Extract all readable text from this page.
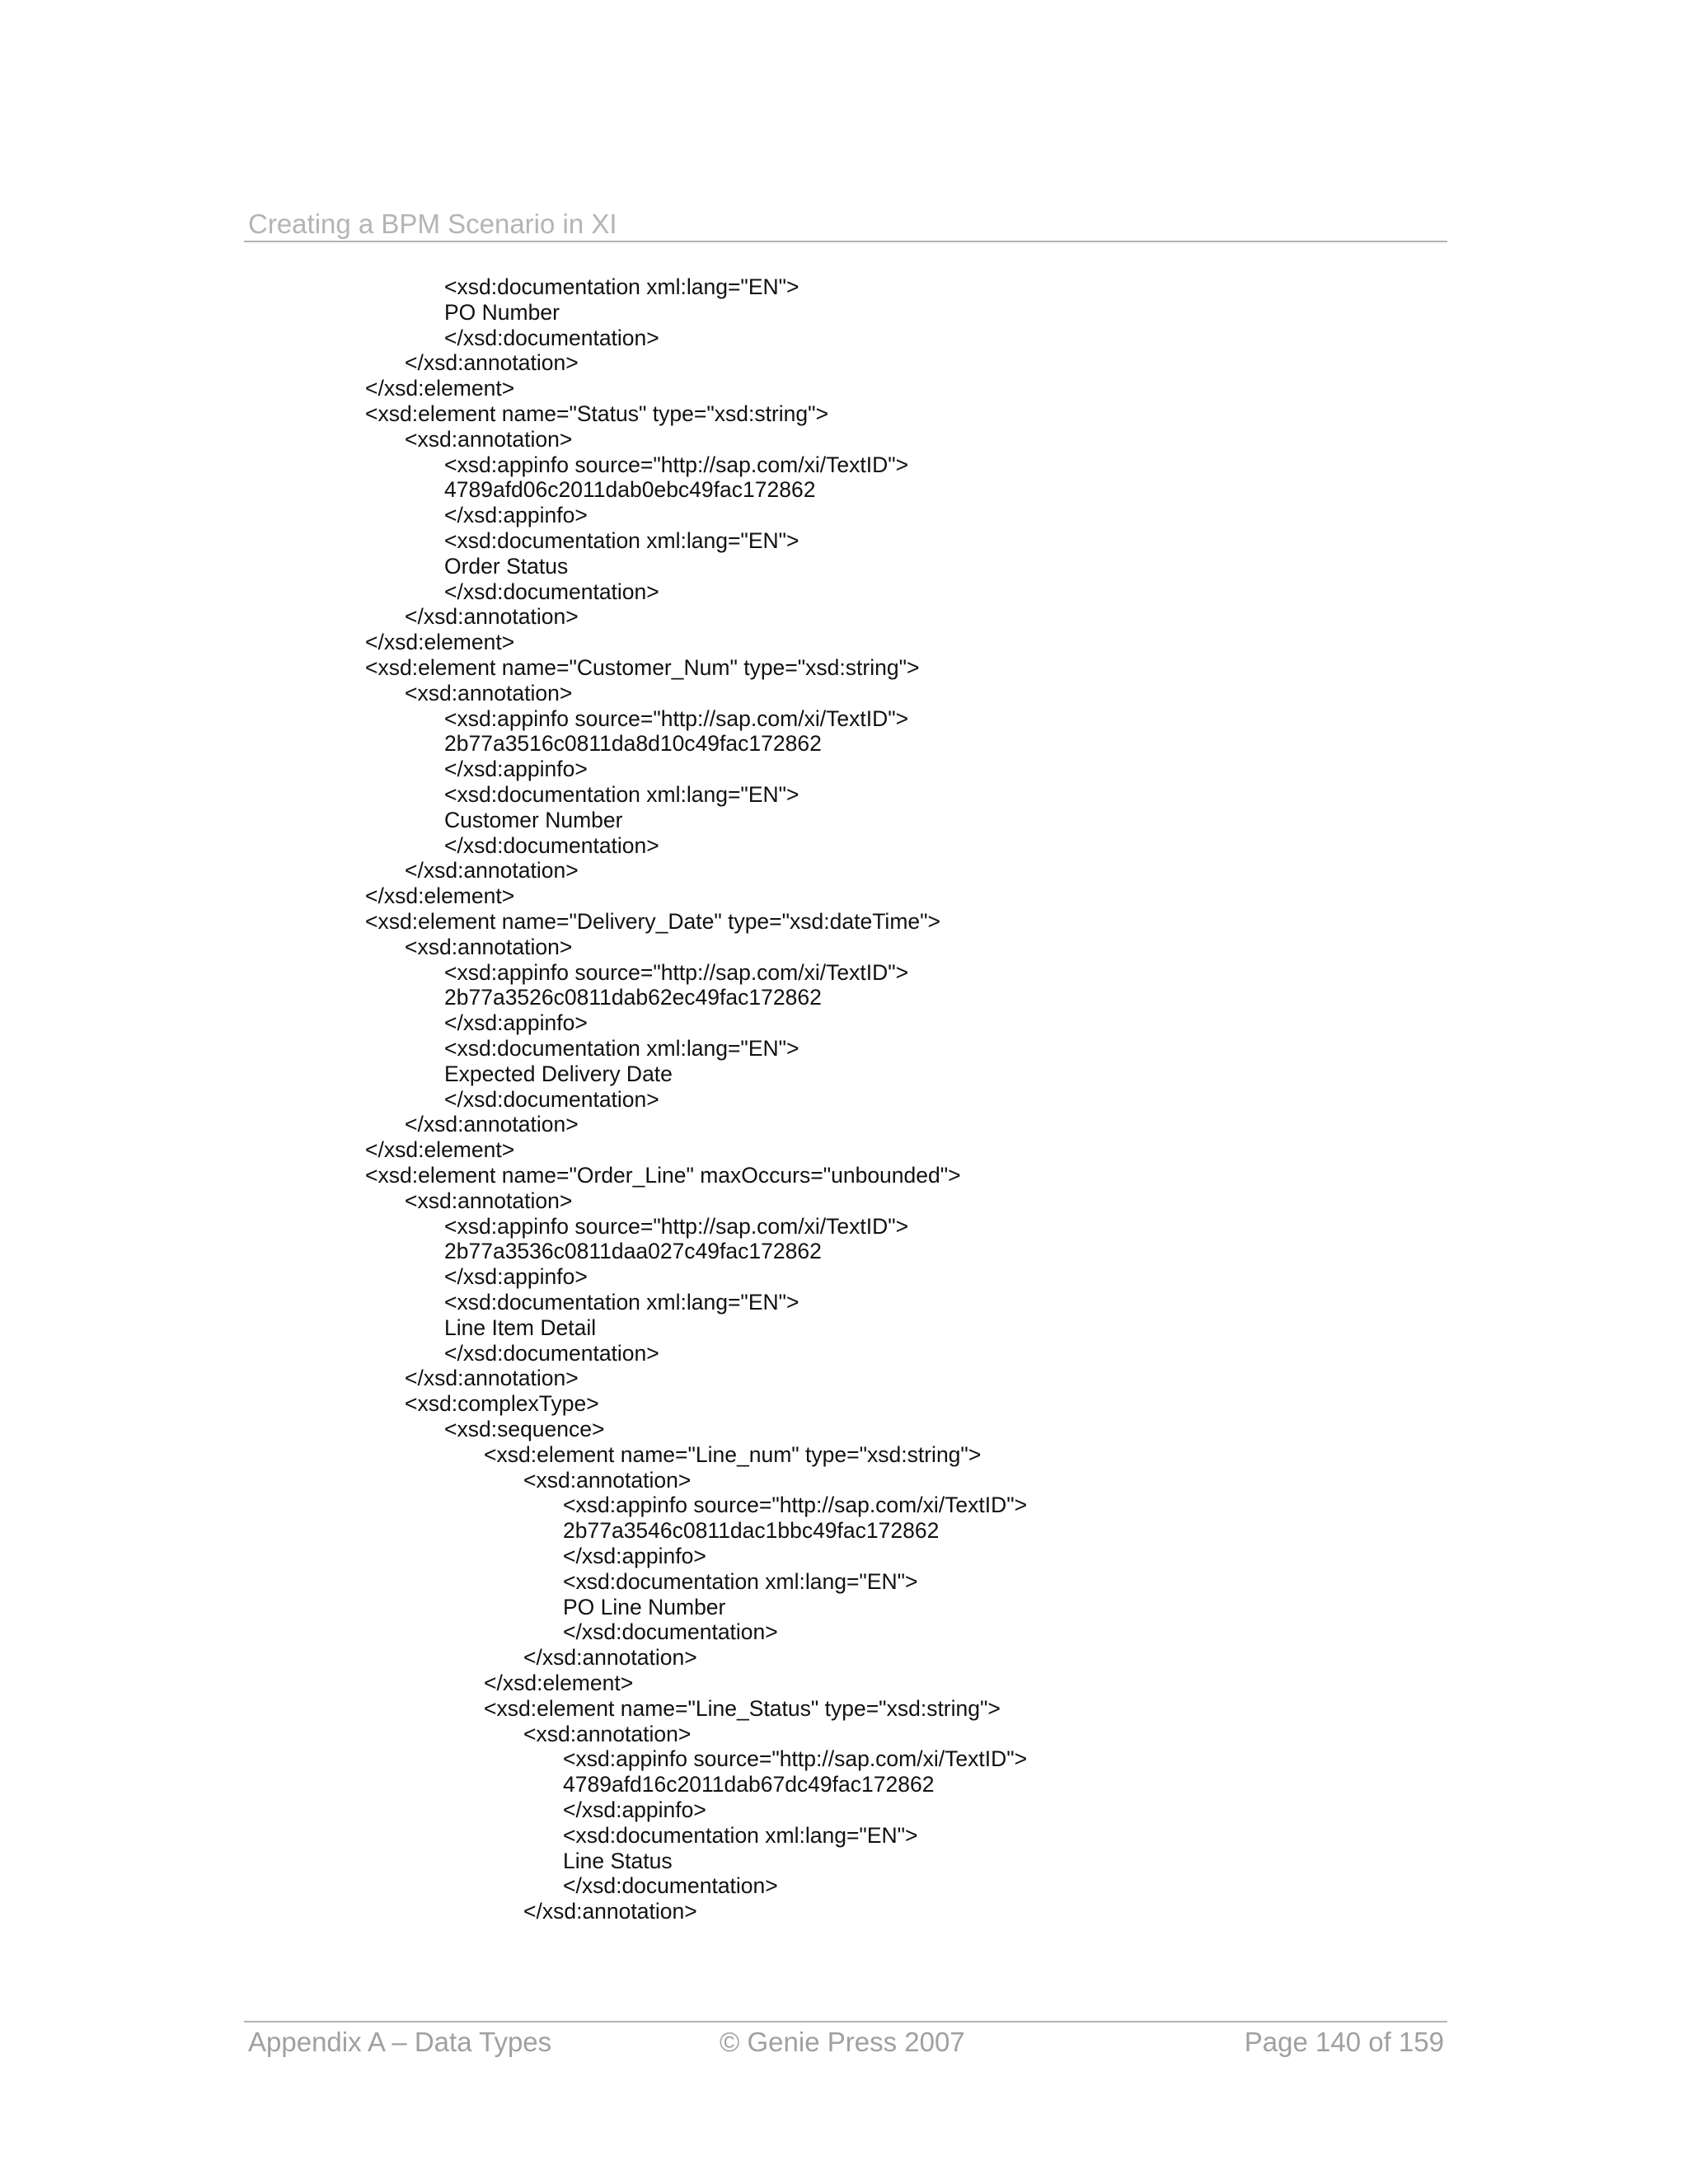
Creating a BPM Scenario in XI
<xsd:documentation xml:lang="EN">
PO Number
</xsd:documentation>
</xsd:annotation>
</xsd:element>
<xsd:element name="Status" type="xsd:string">
<xsd:annotation>
<xsd:appinfo source="http://sap.com/xi/TextID">
4789afd06c2011dab0ebc49fac172862
</xsd:appinfo>
<xsd:documentation xml:lang="EN">
Order Status
</xsd:documentation>
</xsd:annotation>
</xsd:element>
<xsd:element name="Customer_Num" type="xsd:string">
<xsd:annotation>
<xsd:appinfo source="http://sap.com/xi/TextID">
2b77a3516c0811da8d10c49fac172862
</xsd:appinfo>
<xsd:documentation xml:lang="EN">
Customer Number
</xsd:documentation>
</xsd:annotation>
</xsd:element>
<xsd:element name="Delivery_Date" type="xsd:dateTime">
<xsd:annotation>
<xsd:appinfo source="http://sap.com/xi/TextID">
2b77a3526c0811dab62ec49fac172862
</xsd:appinfo>
<xsd:documentation xml:lang="EN">
Expected Delivery Date
</xsd:documentation>
</xsd:annotation>
</xsd:element>
<xsd:element name="Order_Line" maxOccurs="unbounded">
<xsd:annotation>
<xsd:appinfo source="http://sap.com/xi/TextID">
2b77a3536c0811daa027c49fac172862
</xsd:appinfo>
<xsd:documentation xml:lang="EN">
Line Item Detail
</xsd:documentation>
</xsd:annotation>
<xsd:complexType>
<xsd:sequence>
<xsd:element name="Line_num" type="xsd:string">
<xsd:annotation>
<xsd:appinfo source="http://sap.com/xi/TextID">
2b77a3546c0811dac1bbc49fac172862
</xsd:appinfo>
<xsd:documentation xml:lang="EN">
PO Line Number
</xsd:documentation>
</xsd:annotation>
</xsd:element>
<xsd:element name="Line_Status" type="xsd:string">
<xsd:annotation>
<xsd:appinfo source="http://sap.com/xi/TextID">
4789afd16c2011dab67dc49fac172862
</xsd:appinfo>
<xsd:documentation xml:lang="EN">
Line Status
</xsd:documentation>
</xsd:annotation>
Appendix A – Data Types	© Genie Press 2007	Page 140 of 159
